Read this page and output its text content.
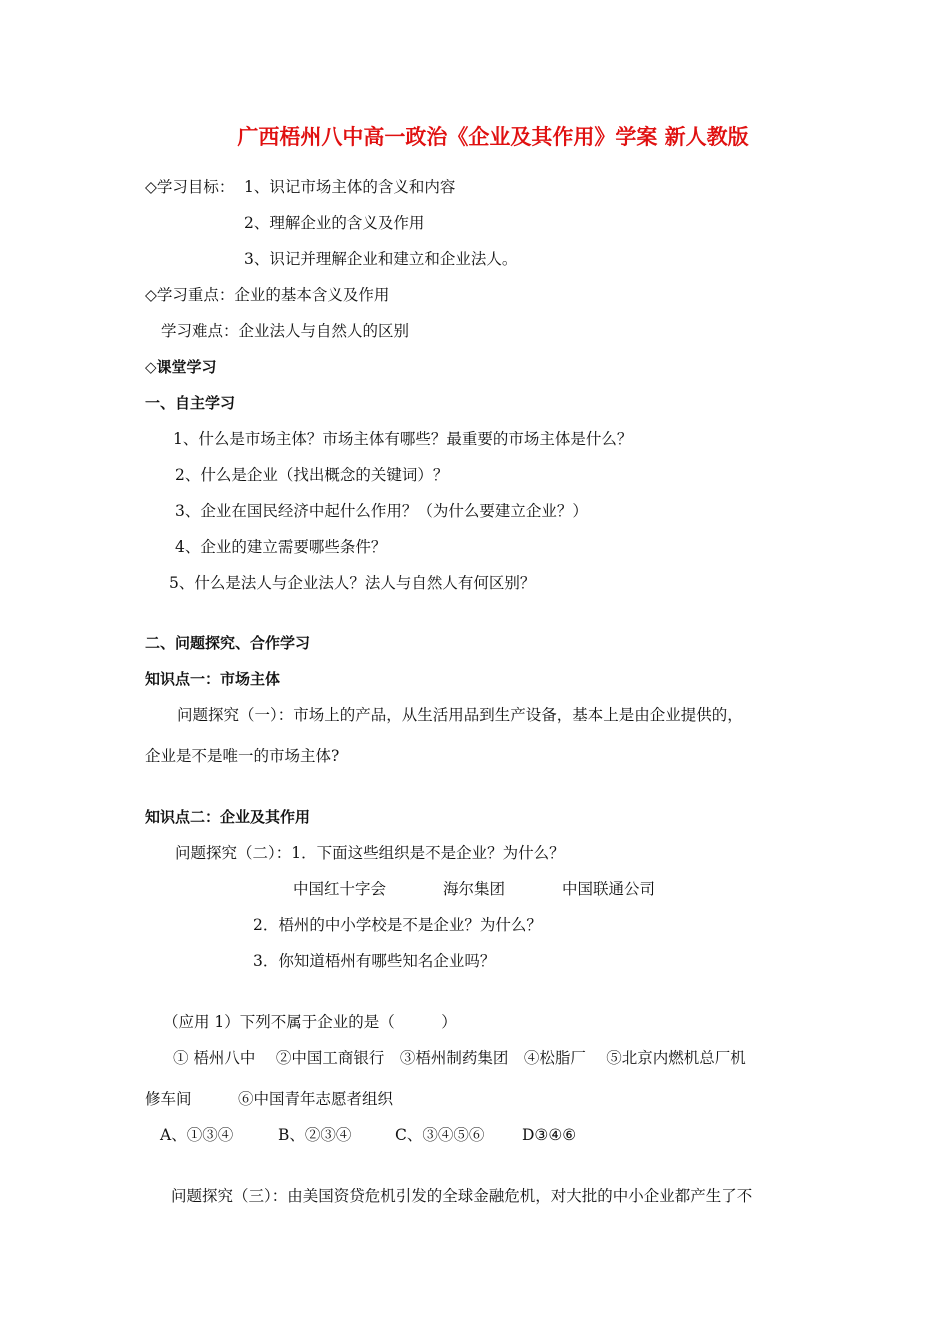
广西梧州八中高一政治《企业及其作用》学案 新人教版
◇学习目标： 1、识记市场主体的含义和内容
2、理解企业的含义及作用
3、识记并理解企业和建立和企业法人。
◇学习重点：企业的基本含义及作用
学习难点：企业法人与自然人的区别
◇课堂学习
一、自主学习
1、什么是市场主体？市场主体有哪些？最重要的市场主体是什么？
2、什么是企业（找出概念的关键词）？
3、企业在国民经济中起什么作用？（为什么要建立企业？）
4、企业的建立需要哪些条件？
5、什么是法人与企业法人？法人与自然人有何区别？
二、问题探究、合作学习
知识点一：市场主体
问题探究（一）：市场上的产品，从生活用品到生产设备，基本上是由企业提供的，
企业是不是唯一的市场主体?
知识点二：企业及其作用
问题探究（二）：1．下面这些组织是不是企业？为什么？
中国红十字会	海尔集团	中国联通公司
2．梧州的中小学校是不是企业？为什么？
3．你知道梧州有哪些知名企业吗？
（应用 1）下列不属于企业的是（　　　）
① 梧州八中　 ②中国工商银行　③梧州制药集团　④松脂厂　 ⑤北京内燃机总厂机
修车间　　　⑥中国青年志愿者组织
A、①③④	B、②③④	C、③④⑤⑥ D③④⑥
问题探究（三）：由美国资贷危机引发的全球金融危机，对大批的中小企业都产生了不
